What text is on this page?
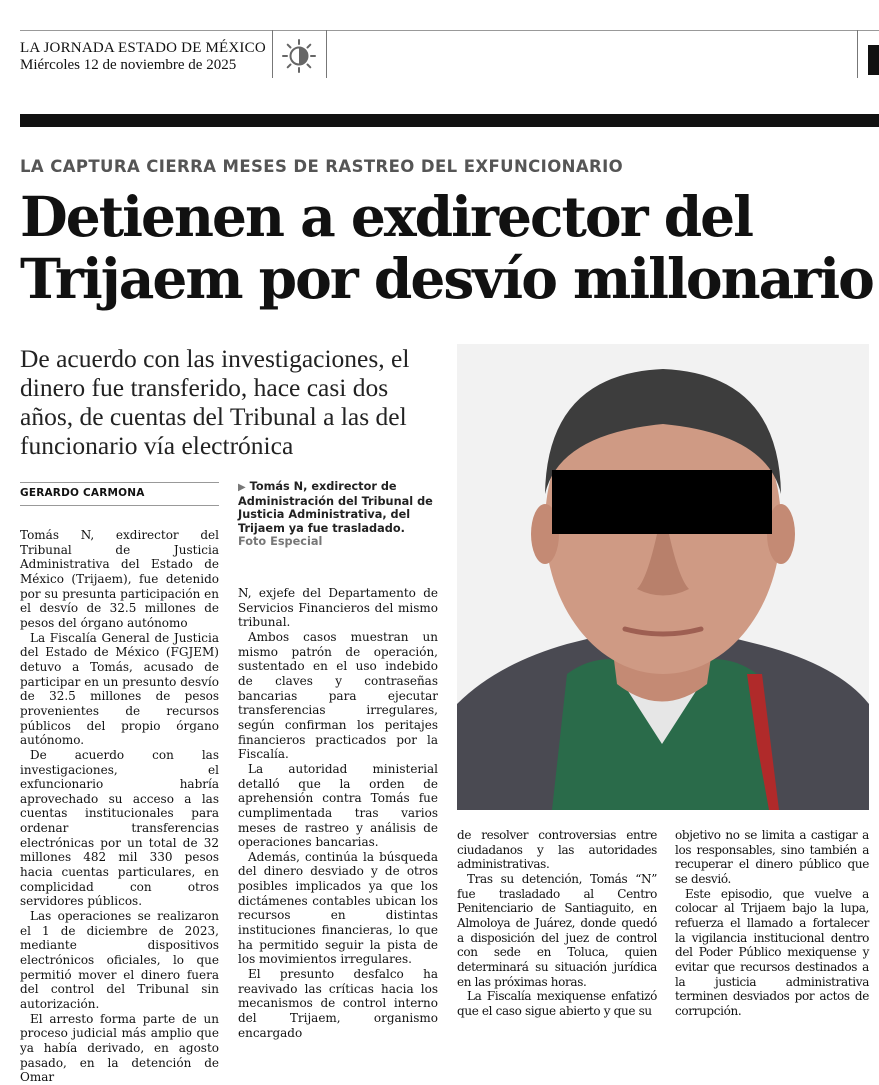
LA JORNADA ESTADO DE MÉXICO
Miércoles 12 de noviembre de 2025
LA CAPTURA CIERRA MESES DE RASTREO DEL EXFUNCIONARIO
Detienen a exdirector del
Trijaem por desvío millonario
De acuerdo con las investigaciones, el dinero fue transferido, hace casi dos años, de cuentas del Tribunal a las del funcionario vía electrónica
GERARDO CARMONA	▶ Tomás N, exdirector de Administración del Tribunal de Justicia Administrativa, del Trijaem ya fue trasladado.
Foto Especial

Tomás N, exdirector del Tribunal de Justicia Administrativa del Estado de México (Trijaem), fue detenido por su presunta participación en el desvío de 32.5 millones de pesos del órgano autónomo

La Fiscalía General de Justicia del Estado de México (FGJEM) detuvo a Tomás, acusado de participar en un presunto desvío de 32.5 millones de pesos provenientes de recursos públicos del propio órgano autónomo.

De acuerdo con las investigaciones, el exfuncionario habría aprovechado su acceso a las cuentas institucionales para ordenar transferencias electrónicas por un total de 32 millones 482 mil 330 pesos hacia cuentas particulares, en complicidad con otros servidores públicos.

Las operaciones se realizaron el 1 de diciembre de 2023, mediante dispositivos electrónicos oficiales, lo que permitió mover el dinero fuera del control del Tribunal sin autorización.

El arresto forma parte de un proceso judicial más amplio que ya había derivado, en agosto pasado, en la detención de Omar

N, exjefe del Departamento de Servicios Financieros del mismo tribunal.

Ambos casos muestran un mismo patrón de operación, sustentado en el uso indebido de claves y contraseñas bancarias para ejecutar transferencias irregulares, según confirman los peritajes financieros practicados por la Fiscalía.

La autoridad ministerial detalló que la orden de aprehensión contra Tomás fue cumplimentada tras varios meses de rastreo y análisis de operaciones bancarias.

Además, continúa la búsqueda del dinero desviado y de otros posibles implicados ya que los dictámenes contables ubican los recursos en distintas instituciones financieras, lo que ha permitido seguir la pista de los movimientos irregulares.

El presunto desfalco ha reavivado las críticas hacia los mecanismos de control interno del Trijaem, organismo encargado

de resolver controversias entre ciudadanos y las autoridades administrativas.

Tras su detención, Tomás “N” fue trasladado al Centro Penitenciario de Santiaguito, en Almoloya de Juárez, donde quedó a disposición del juez de control con sede en Toluca, quien determinará su situación jurídica en las próximas horas.

La Fiscalía mexiquense enfatizó que el caso sigue abierto y que su

objetivo no se limita a castigar a los responsables, sino también a recuperar el dinero público que se desvió.

Este episodio, que vuelve a colocar al Trijaem bajo la lupa, refuerza el llamado a fortalecer la vigilancia institucional dentro del Poder Público mexiquense y evitar que recursos destinados a la justicia administrativa terminen desviados por actos de corrupción.
